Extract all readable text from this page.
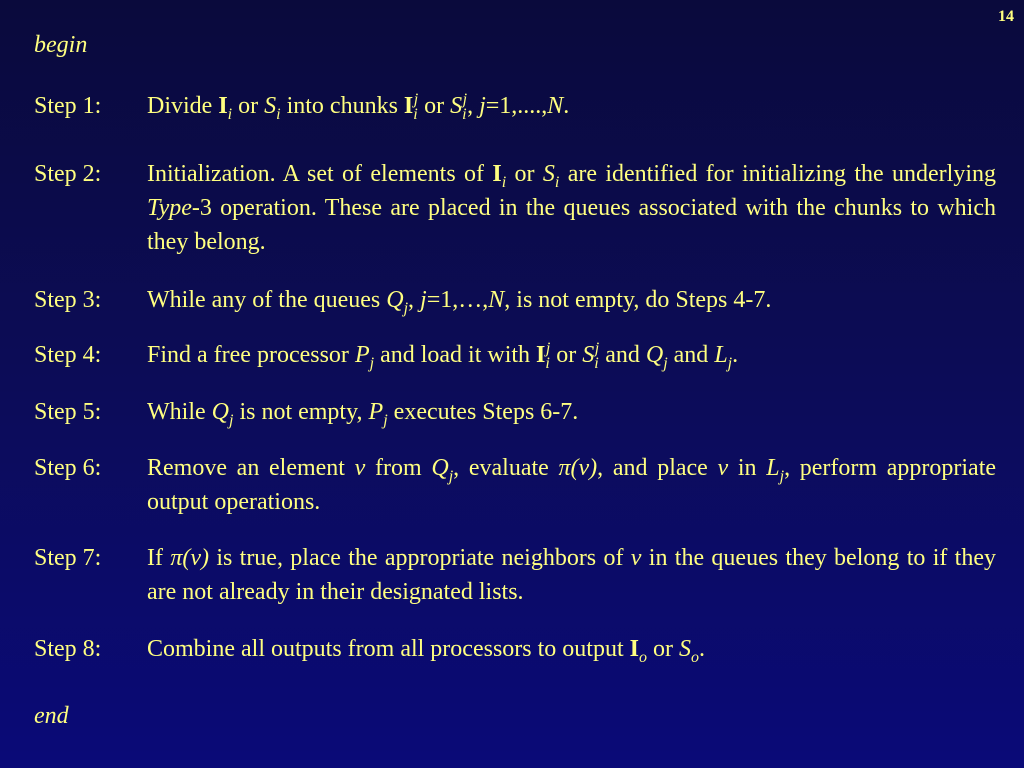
14
begin
Step 1:	Divide $I_i$ or $S_i$ into chunks $I_i^j$ or $S_i^j$, j=1,....,N.
Step 2:	Initialization. A set of elements of $I_i$ or $S_i$ are identified for initializing the underlying Type-3 operation. These are placed in the queues associated with the chunks to which they belong.
Step 3:	While any of the queues $Q_j$, j=1,…,N, is not empty, do Steps 4-7.
Step 4:	Find a free processor $P_j$ and load it with $I_i^j$ or $S_i^j$ and $Q_j$ and $L_j$.
Step 5:	While $Q_j$ is not empty, $P_j$ executes Steps 6-7.
Step 6:	Remove an element v from $Q_j$, evaluate π(v), and place v in $L_j$, perform appropriate output operations.
Step 7:	If π(v) is true, place the appropriate neighbors of v in the queues they belong to if they are not already in their designated lists.
Step 8:	Combine all outputs from all processors to output $I_o$ or $S_o$.
end
